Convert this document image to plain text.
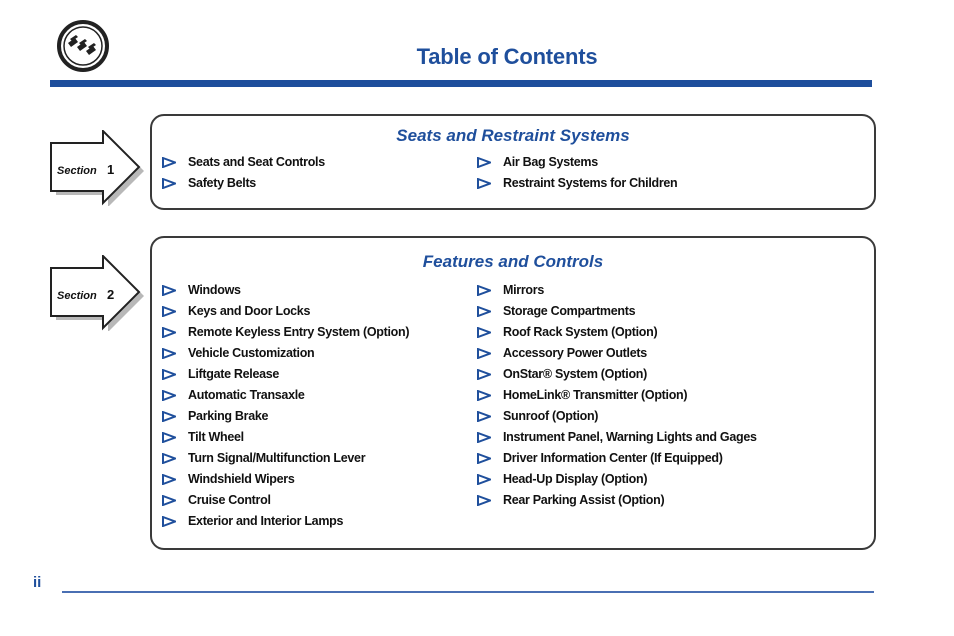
Table of Contents
Section 1
Seats and Restraint Systems
Seats and Seat Controls
Safety Belts
Air Bag Systems
Restraint Systems for Children
Section 2
Features and Controls
Windows
Keys and Door Locks
Remote Keyless Entry System (Option)
Vehicle Customization
Liftgate Release
Automatic Transaxle
Parking Brake
Tilt Wheel
Turn Signal/Multifunction Lever
Windshield Wipers
Cruise Control
Exterior and Interior Lamps
Mirrors
Storage Compartments
Roof Rack System (Option)
Accessory Power Outlets
OnStar® System (Option)
HomeLink® Transmitter (Option)
Sunroof (Option)
Instrument Panel, Warning Lights and Gages
Driver Information Center (If Equipped)
Head-Up Display (Option)
Rear Parking Assist (Option)
ii
